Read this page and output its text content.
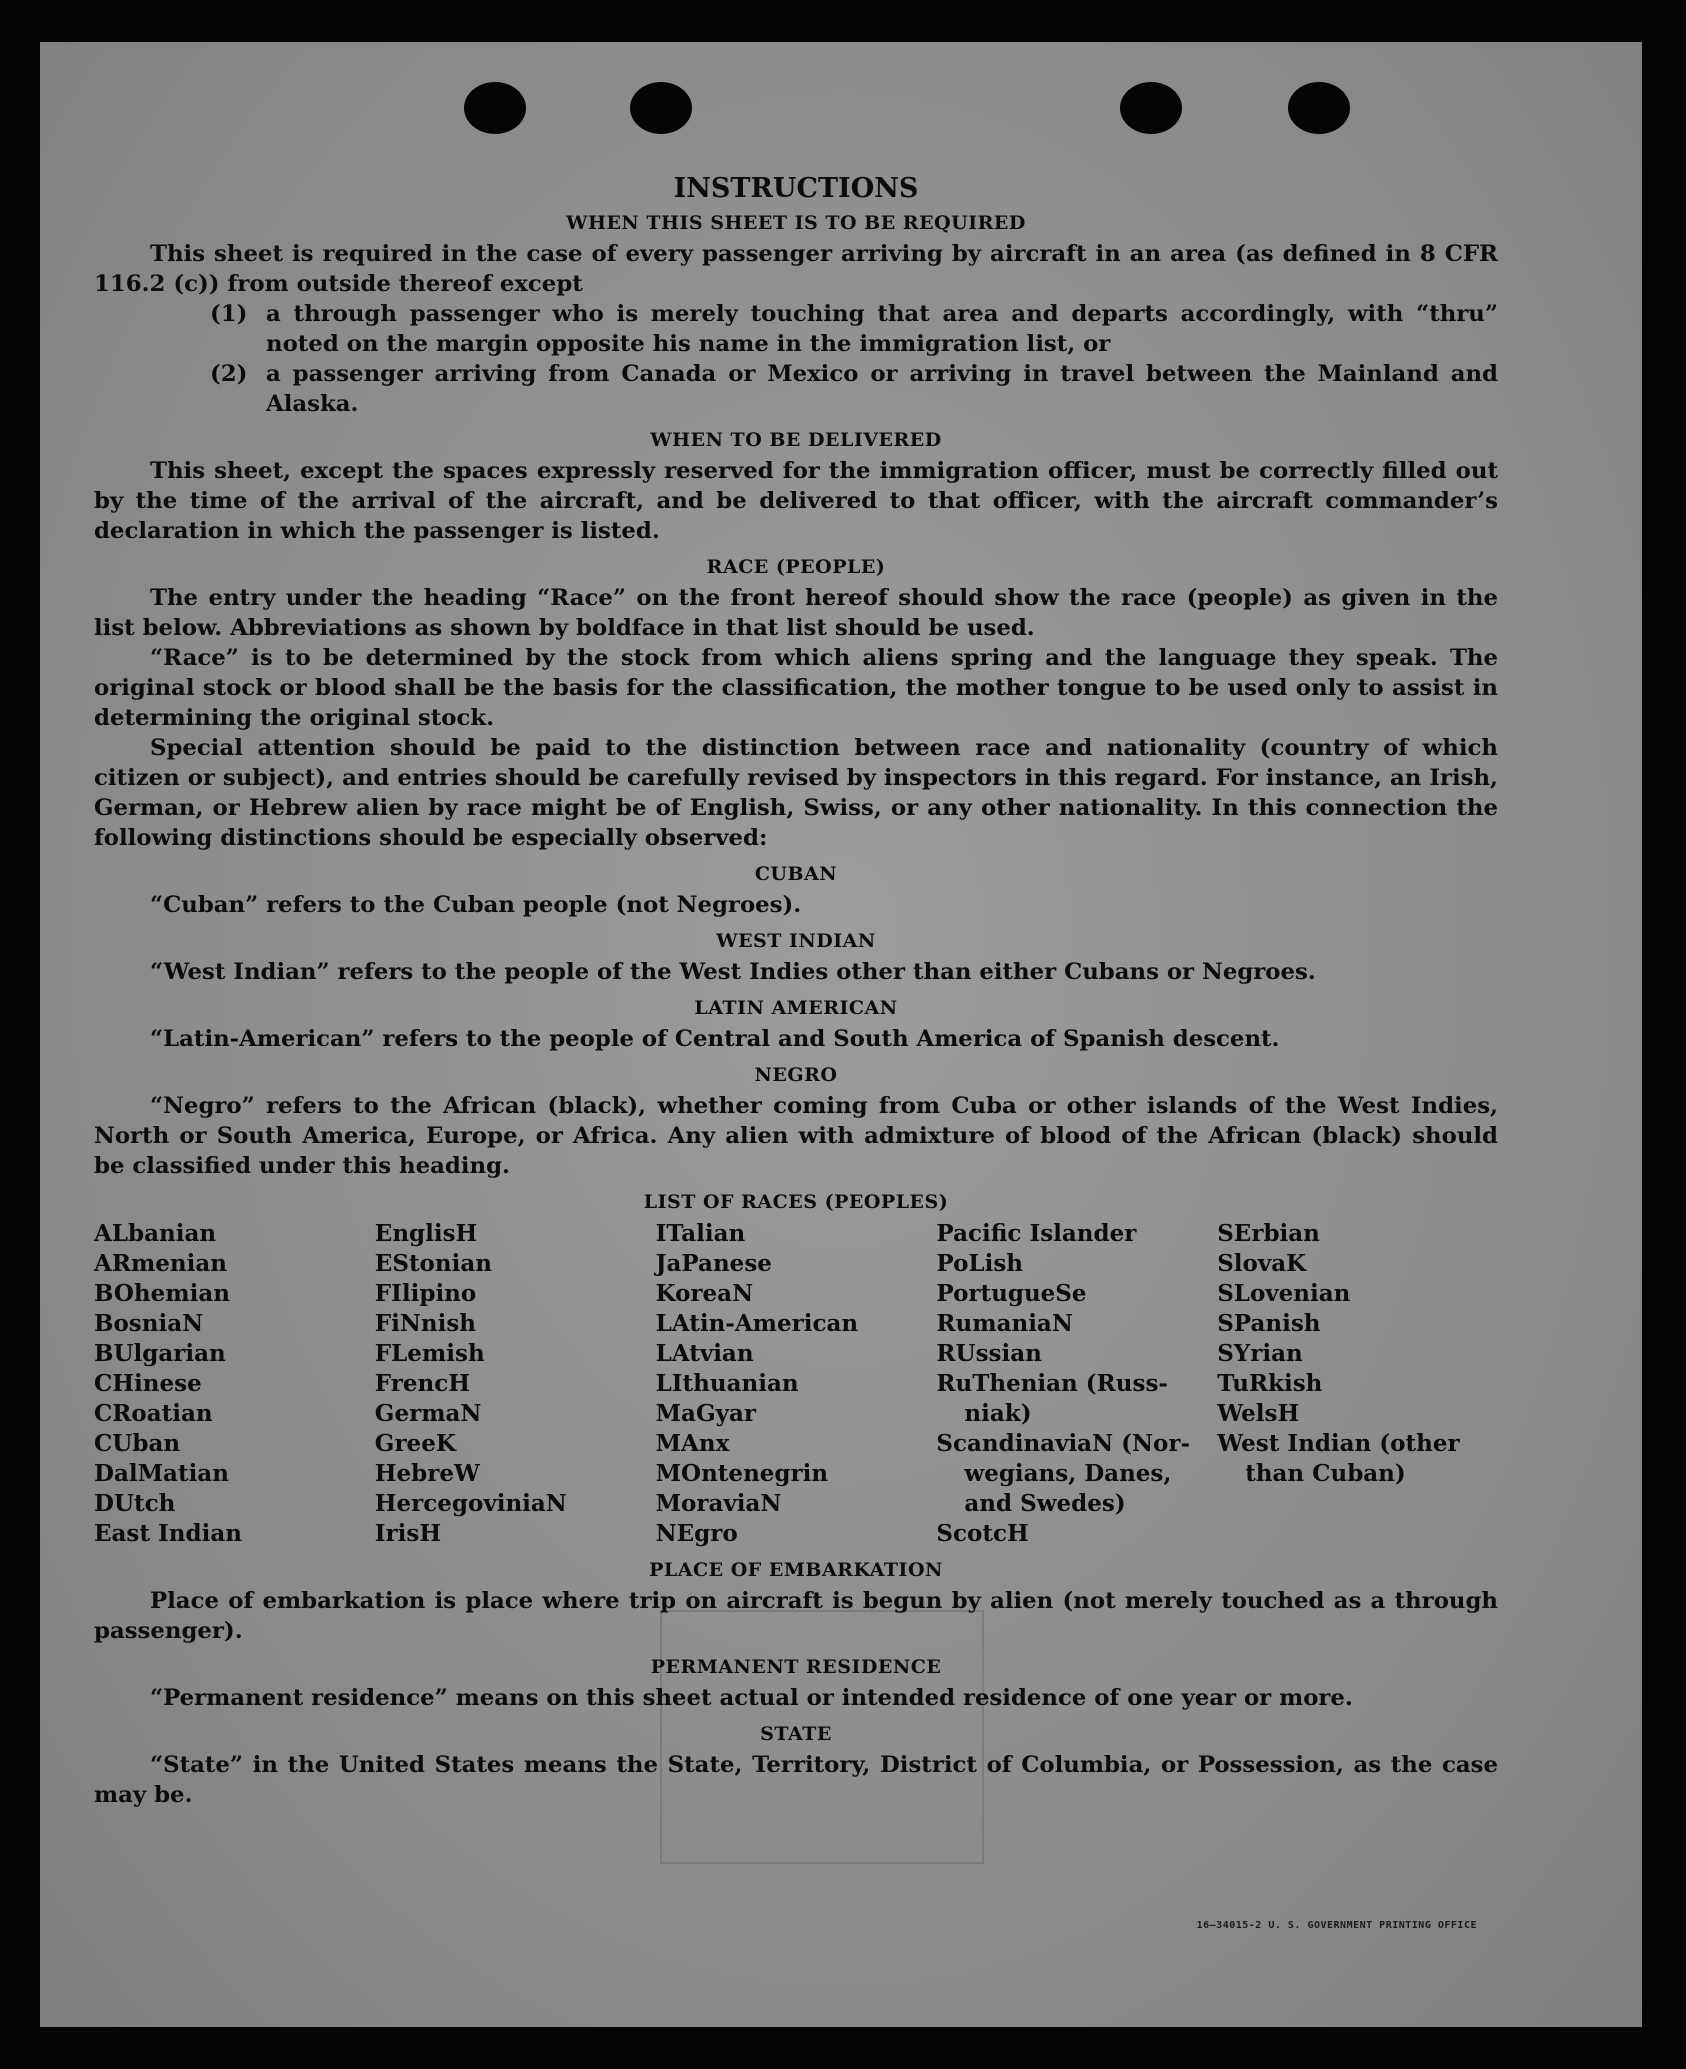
INSTRUCTIONS
WHEN THIS SHEET IS TO BE REQUIRED

This sheet is required in the case of every passenger arriving by aircraft in an area (as defined in 8 CFR 116.2 (c)) from outside thereof except

(1) a through passenger who is merely touching that area and departs accordingly, with “thru” noted on the margin opposite his name in the immigration list, or
(2) a passenger arriving from Canada or Mexico or arriving in travel between the Mainland and Alaska.
WHEN TO BE DELIVERED

This sheet, except the spaces expressly reserved for the immigration officer, must be correctly filled out by the time of the arrival of the aircraft, and be delivered to that officer, with the aircraft commander’s declaration in which the passenger is listed.

RACE (PEOPLE)

The entry under the heading “Race” on the front hereof should show the race (people) as given in the list below. Abbreviations as shown by boldface in that list should be used.

“Race” is to be determined by the stock from which aliens spring and the language they speak. The original stock or blood shall be the basis for the classification, the mother tongue to be used only to assist in determining the original stock.

Special attention should be paid to the distinction between race and nationality (country of which citizen or subject), and entries should be carefully revised by inspectors in this regard. For instance, an Irish, German, or Hebrew alien by race might be of English, Swiss, or any other nationality. In this connection the following distinctions should be especially observed:

CUBAN

“Cuban” refers to the Cuban people (not Negroes).

WEST INDIAN

“West Indian” refers to the people of the West Indies other than either Cubans or Negroes.

LATIN AMERICAN

“Latin-American” refers to the people of Central and South America of Spanish descent.

NEGRO

“Negro” refers to the African (black), whether coming from Cuba or other islands of the West Indies, North or South America, Europe, or Africa. Any alien with admixture of blood of the African (black) should be classified under this heading.

LIST OF RACES (PEOPLES)
ALbanian
ARmenian
BOhemian
BosniaN
BUlgarian
CHinese
CRoatian
CUban
DalMatian
DUtch
East Indian
EnglisH
EStonian
FIlipino
FiNnish
FLemish
FrencH
GermaN
GreeK
HebreW
HercegoviniaN
IrisH
ITalian
JaPanese
KoreaN
LAtin-American
LAtvian
LIthuanian
MaGyar
MAnx
MOntenegrin
MoraviaN
NEgro
Pacific Islander
PoLish
PortugueSe
RumaniaN
RUssian
RuThenian (Russ-
niak)
ScandinaviaN (Nor-
wegians, Danes,
and Swedes)
ScotcH
SErbian
SlovaK
SLovenian
SPanish
SYrian
TuRkish
WelsH
West Indian (other
than Cuban)
PLACE OF EMBARKATION

Place of embarkation is place where trip on aircraft is begun by alien (not merely touched as a through passenger).

PERMANENT RESIDENCE

“Permanent residence” means on this sheet actual or intended residence of one year or more.

STATE

“State” in the United States means the State, Territory, District of Columbia, or Possession, as the case may be.

16—34015-2 U. S. GOVERNMENT PRINTING OFFICE
